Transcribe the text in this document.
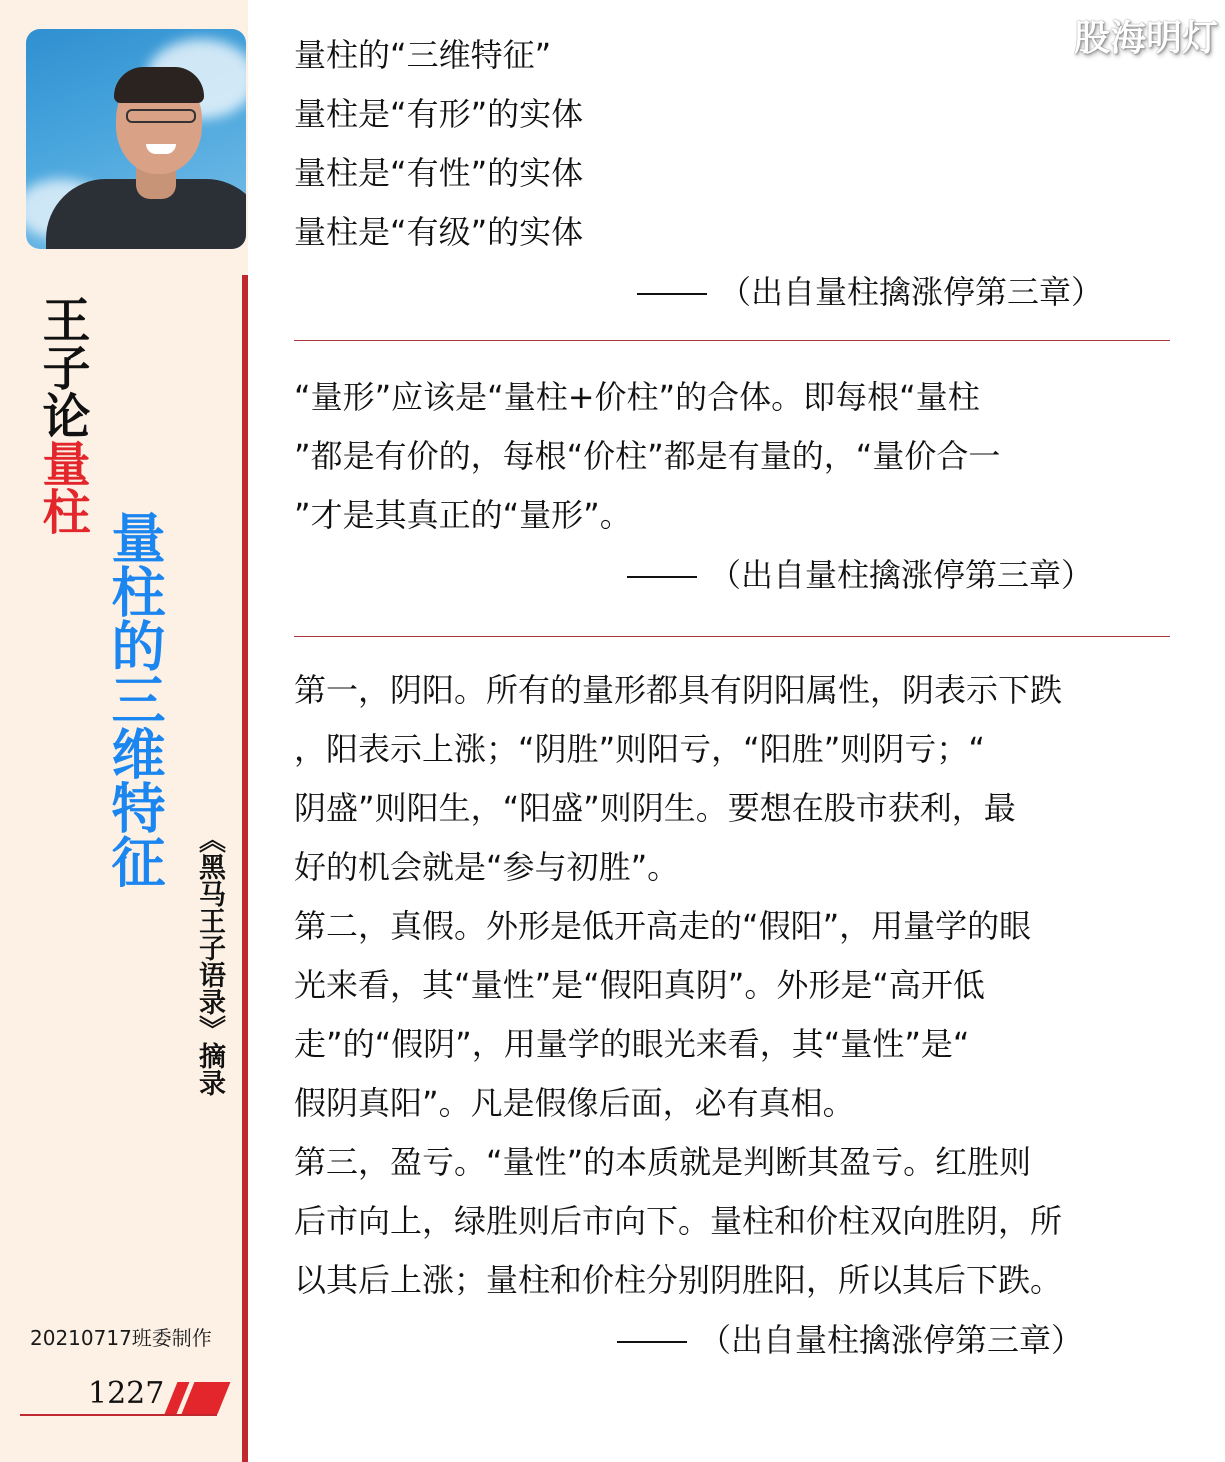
王子论量柱
量柱的三维特征
《黑马王子语录》摘录
20210717班委制作
1227
股海明灯
量柱的“三维特征”
量柱是“有形”的实体
量柱是“有性”的实体
量柱是“有级”的实体
（出自量柱擒涨停第三章）
“量形”应该是“量柱+价柱”的合体。即每根“量柱
”都是有价的，每根“价柱”都是有量的，“量价合一
”才是其真正的“量形”。
（出自量柱擒涨停第三章）
第一，阴阳。所有的量形都具有阴阳属性，阴表示下跌
，阳表示上涨；“阴胜”则阳亏，“阳胜”则阴亏；“
阴盛”则阳生，“阳盛”则阴生。要想在股市获利，最
好的机会就是“参与初胜”。
第二，真假。外形是低开高走的“假阳”，用量学的眼
光来看，其“量性”是“假阳真阴”。外形是“高开低
走”的“假阴”，用量学的眼光来看，其“量性”是“
假阴真阳”。凡是假像后面，必有真相。
第三，盈亏。“量性”的本质就是判断其盈亏。红胜则
后市向上，绿胜则后市向下。量柱和价柱双向胜阴，所
以其后上涨；量柱和价柱分别阴胜阳，所以其后下跌。
（出自量柱擒涨停第三章）
